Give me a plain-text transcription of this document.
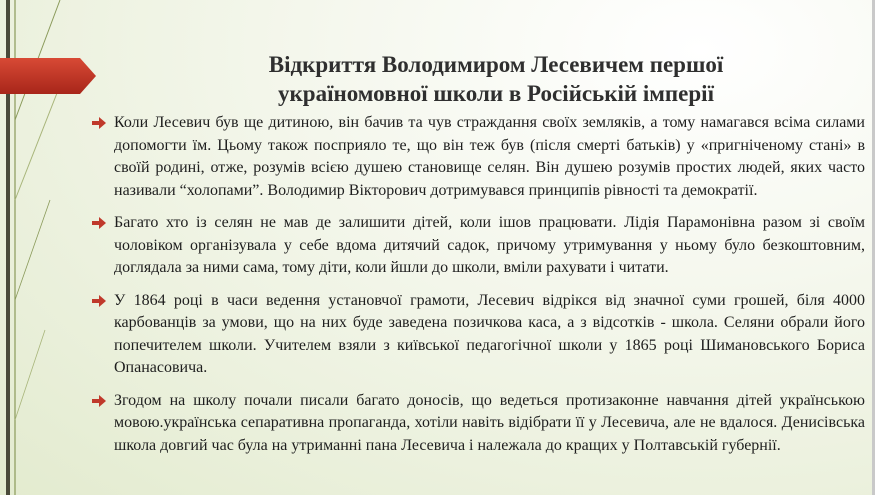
Відкриття Володимиром Лесевичем першої
україномовної школи в Російській імперії

Коли Лесевич був ще дитиною, він бачив та чув страждання своїх земляків, а тому намагався всіма силами допомогти їм. Цьому також посприяло те, що він теж був (після смерті батьків) у «пригніченому стані» в своїй родині, отже, розумів всією душею становище селян. Він душею розумів простих людей, яких часто називали “холопами”. Володимир Вікторович дотримувався принципів рівності та демократії.

Багато хто із селян не мав де залишити дітей, коли ішов працювати. Лідія Парамонівна разом зі своїм чоловіком організувала у себе вдома дитячий садок, причому утримування у ньому було безкоштовним, доглядала за ними сама, тому діти, коли йшли до школи, вміли рахувати і читати.

У 1864 році в часи ведення установчої грамоти, Лесевич відрікся від значної суми грошей, біля 4000 карбованців за умови, що на них буде заведена позичкова каса, а з відсотків - школа. Селяни обрали його попечителем школи. Учителем взяли з київської педагогічної школи у 1865 році Шимановського Бориса Опанасовича.

Згодом на школу почали писали багато доносів, що ведеться протизаконне навчання дітей українською мовою.українська сепаративна пропаганда, хотіли навіть відібрати її у Лесевича, але не вдалося. Денисівська школа довгий час була на утриманні пана Лесевича і належала до кращих у Полтавській губернії.
